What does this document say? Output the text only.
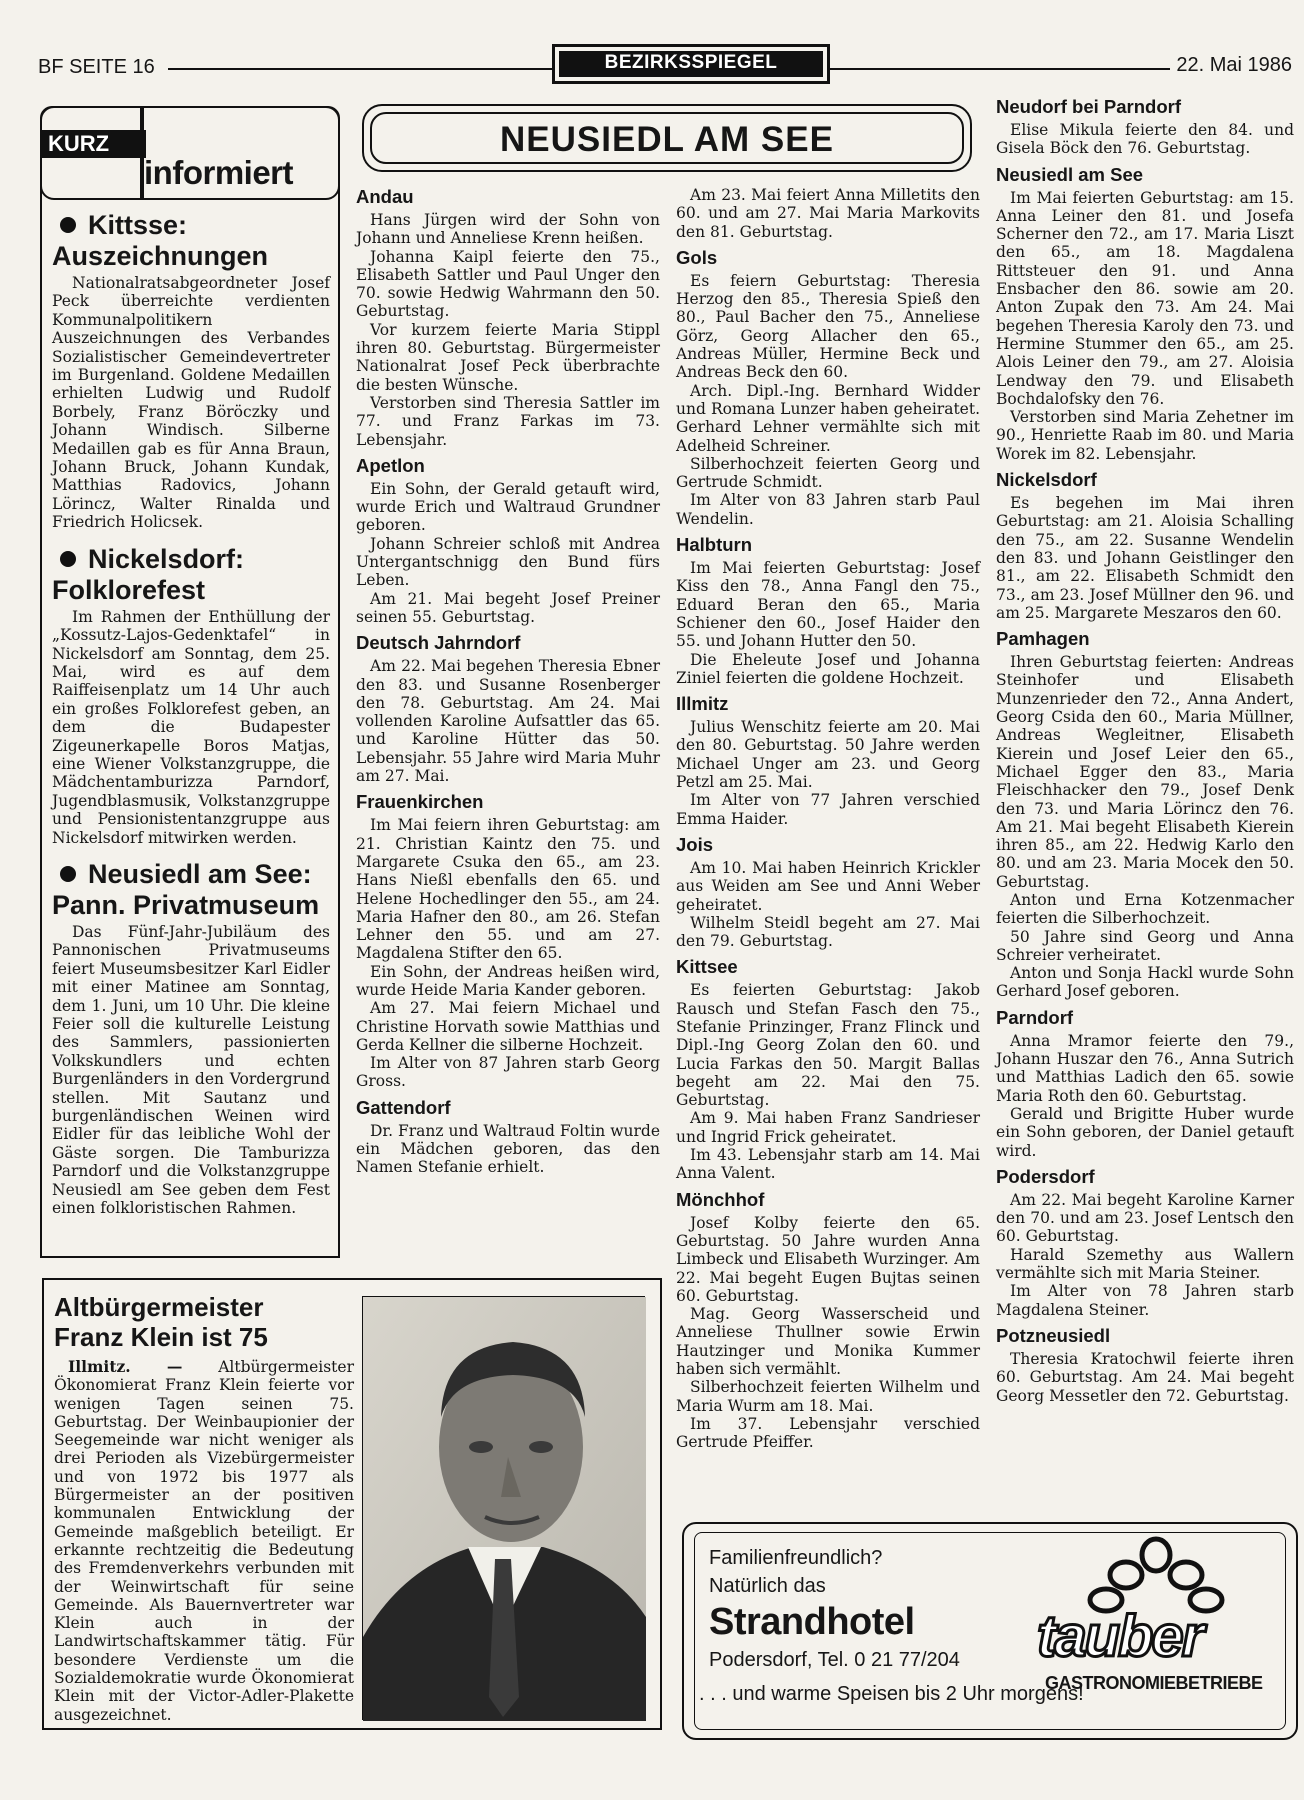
BF SEITE 16	BEZIRKSSPIEGEL	22. Mai 1986
KURZ
informiert
Kittsse:
Auszeichnungen

Nationalratsabgeordneter Josef Peck überreichte verdienten Kommunalpolitikern Auszeichnungen des Verbandes Sozialistischer Gemeindevertreter im Burgenland. Goldene Medaillen erhielten Ludwig und Rudolf Borbely, Franz Böröczky und Johann Windisch. Silberne Medaillen gab es für Anna Braun, Johann Bruck, Johann Kundak, Matthias Radovics, Johann Lörincz, Walter Rinalda und Friedrich Holicsek.

Nickelsdorf:
Folklorefest

Im Rahmen der Enthüllung der „Kossutz-Lajos-Gedenktafel“ in Nickelsdorf am Sonntag, dem 25. Mai, wird es auf dem Raiffeisenplatz um 14 Uhr auch ein großes Folklorefest geben, an dem die Budapester Zigeunerkapelle Boros Matjas, eine Wiener Volkstanzgruppe, die Mädchentamburizza Parndorf, Jugendblasmusik, Volkstanzgruppe und Pensionistentanzgruppe aus Nickelsdorf mitwirken werden.

Neusiedl am See:
Pann. Privatmuseum

Das Fünf-Jahr-Jubiläum des Pannonischen Privatmuseums feiert Museumsbesitzer Karl Eidler mit einer Matinee am Sonntag, dem 1. Juni, um 10 Uhr. Die kleine Feier soll die kulturelle Leistung des Sammlers, passionierten Volkskundlers und echten Burgenländers in den Vordergrund stellen. Mit Sautanz und burgenländischen Weinen wird Eidler für das leibliche Wohl der Gäste sorgen. Die Tamburizza Parndorf und die Volkstanzgruppe Neusiedl am See geben dem Fest einen folkloristischen Rahmen.

NEUSIEDL AM SEE
Andau

Hans Jürgen wird der Sohn von Johann und Anneliese Krenn heißen.

Johanna Kaipl feierte den 75., Elisabeth Sattler und Paul Unger den 70. sowie Hedwig Wahrmann den 50. Geburtstag.

Vor kurzem feierte Maria Stippl ihren 80. Geburtstag. Bürgermeister Nationalrat Josef Peck überbrachte die besten Wünsche.

Verstorben sind Theresia Sattler im 77. und Franz Farkas im 73. Lebensjahr.

Apetlon

Ein Sohn, der Gerald getauft wird, wurde Erich und Waltraud Grundner geboren.

Johann Schreier schloß mit Andrea Untergantschnigg den Bund fürs Leben.

Am 21. Mai begeht Josef Preiner seinen 55. Geburtstag.

Deutsch Jahrndorf

Am 22. Mai begehen Theresia Ebner den 83. und Susanne Rosenberger den 78. Geburtstag. Am 24. Mai vollenden Karoline Aufsattler das 65. und Karoline Hütter das 50. Lebensjahr. 55 Jahre wird Maria Muhr am 27. Mai.

Frauenkirchen

Im Mai feiern ihren Geburtstag: am 21. Christian Kaintz den 75. und Margarete Csuka den 65., am 23. Hans Nießl ebenfalls den 65. und Helene Hochedlinger den 55., am 24. Maria Hafner den 80., am 26. Stefan Lehner den 55. und am 27. Magdalena Stifter den 65.

Ein Sohn, der Andreas heißen wird, wurde Heide Maria Kander geboren.

Am 27. Mai feiern Michael und Christine Horvath sowie Matthias und Gerda Kellner die silberne Hochzeit.

Im Alter von 87 Jahren starb Georg Gross.

Gattendorf

Dr. Franz und Waltraud Foltin wurde ein Mädchen geboren, das den Namen Stefanie erhielt.

Am 23. Mai feiert Anna Milletits den 60. und am 27. Mai Maria Markovits den 81. Geburtstag.

Gols

Es feiern Geburtstag: Theresia Herzog den 85., Theresia Spieß den 80., Paul Bacher den 75., Anneliese Görz, Georg Allacher den 65., Andreas Müller, Hermine Beck und Andreas Beck den 60.

Arch. Dipl.-Ing. Bernhard Widder und Romana Lunzer haben geheiratet. Gerhard Lehner vermählte sich mit Adelheid Schreiner.

Silberhochzeit feierten Georg und Gertrude Schmidt.

Im Alter von 83 Jahren starb Paul Wendelin.

Halbturn

Im Mai feierten Geburtstag: Josef Kiss den 78., Anna Fangl den 75., Eduard Beran den 65., Maria Schiener den 60., Josef Haider den 55. und Johann Hutter den 50.

Die Eheleute Josef und Johanna Ziniel feierten die goldene Hochzeit.

Illmitz

Julius Wenschitz feierte am 20. Mai den 80. Geburtstag. 50 Jahre werden Michael Unger am 23. und Georg Petzl am 25. Mai.

Im Alter von 77 Jahren verschied Emma Haider.

Jois

Am 10. Mai haben Heinrich Krickler aus Weiden am See und Anni Weber geheiratet.

Wilhelm Steidl begeht am 27. Mai den 79. Geburtstag.

Kittsee

Es feierten Geburtstag: Jakob Rausch und Stefan Fasch den 75., Stefanie Prinzinger, Franz Flinck und Dipl.-Ing Georg Zolan den 60. und Lucia Farkas den 50. Margit Ballas begeht am 22. Mai den 75. Geburtstag.

Am 9. Mai haben Franz Sandrieser und Ingrid Frick geheiratet.

Im 43. Lebensjahr starb am 14. Mai Anna Valent.

Mönchhof

Josef Kolby feierte den 65. Geburtstag. 50 Jahre wurden Anna Limbeck und Elisabeth Wurzinger. Am 22. Mai begeht Eugen Bujtas seinen 60. Geburtstag.

Mag. Georg Wasserscheid und Anneliese Thullner sowie Erwin Hautzinger und Monika Kummer haben sich vermählt.

Silberhochzeit feierten Wilhelm und Maria Wurm am 18. Mai.

Im 37. Lebensjahr verschied Gertrude Pfeiffer.

Neudorf bei Parndorf

Elise Mikula feierte den 84. und Gisela Böck den 76. Geburtstag.

Neusiedl am See

Im Mai feierten Geburtstag: am 15. Anna Leiner den 81. und Josefa Scherner den 72., am 17. Maria Liszt den 65., am 18. Magdalena Rittsteuer den 91. und Anna Ensbacher den 86. sowie am 20. Anton Zupak den 73. Am 24. Mai begehen Theresia Karoly den 73. und Hermine Stummer den 65., am 25. Alois Leiner den 79., am 27. Aloisia Lendway den 79. und Elisabeth Bochdalofsky den 76.

Verstorben sind Maria Zehetner im 90., Henriette Raab im 80. und Maria Worek im 82. Lebensjahr.

Nickelsdorf

Es begehen im Mai ihren Geburtstag: am 21. Aloisia Schalling den 75., am 22. Susanne Wendelin den 83. und Johann Geistlinger den 81., am 22. Elisabeth Schmidt den 73., am 23. Josef Müllner den 96. und am 25. Margarete Meszaros den 60.

Pamhagen

Ihren Geburtstag feierten: Andreas Steinhofer und Elisabeth Munzenrieder den 72., Anna Andert, Georg Csida den 60., Maria Müllner, Andreas Wegleitner, Elisabeth Kierein und Josef Leier den 65., Michael Egger den 83., Maria Fleischhacker den 79., Josef Denk den 73. und Maria Lörincz den 76. Am 21. Mai begeht Elisabeth Kierein ihren 85., am 22. Hedwig Karlo den 80. und am 23. Maria Mocek den 50. Geburtstag.

Anton und Erna Kotzenmacher feierten die Silberhochzeit.

50 Jahre sind Georg und Anna Schreier verheiratet.

Anton und Sonja Hackl wurde Sohn Gerhard Josef geboren.

Parndorf

Anna Mramor feierte den 79., Johann Huszar den 76., Anna Sutrich und Matthias Ladich den 65. sowie Maria Roth den 60. Geburtstag.

Gerald und Brigitte Huber wurde ein Sohn geboren, der Daniel getauft wird.

Podersdorf

Am 22. Mai begeht Karoline Karner den 70. und am 23. Josef Lentsch den 60. Geburtstag.

Harald Szemethy aus Wallern vermählte sich mit Maria Steiner.

Im Alter von 78 Jahren starb Magdalena Steiner.

Potzneusiedl

Theresia Kratochwil feierte ihren 60. Geburtstag. Am 24. Mai begeht Georg Messetler den 72. Geburtstag.

Altbürgermeister
Franz Klein ist 75

Illmitz. — Altbürgermeister Ökonomierat Franz Klein feierte vor wenigen Tagen seinen 75. Geburtstag. Der Weinbaupionier der Seegemeinde war nicht weniger als drei Perioden als Vizebürgermeister und von 1972 bis 1977 als Bürgermeister an der positiven kommunalen Entwicklung der Gemeinde maßgeblich beteiligt. Er erkannte rechtzeitig die Bedeutung des Fremdenverkehrs verbunden mit der Weinwirtschaft für seine Gemeinde. Als Bauernvertreter war Klein auch in der Landwirtschaftskammer tätig. Für besondere Verdienste um die Sozialdemokratie wurde Ökonomierat Klein mit der Victor-Adler-Plakette ausgezeichnet.

Familienfreundlich?
Natürlich das
Strandhotel
Podersdorf, Tel. 0 21 77/204
. . . und warme Speisen bis 2 Uhr morgens!
tauber
GASTRONOMIEBETRIEBE
